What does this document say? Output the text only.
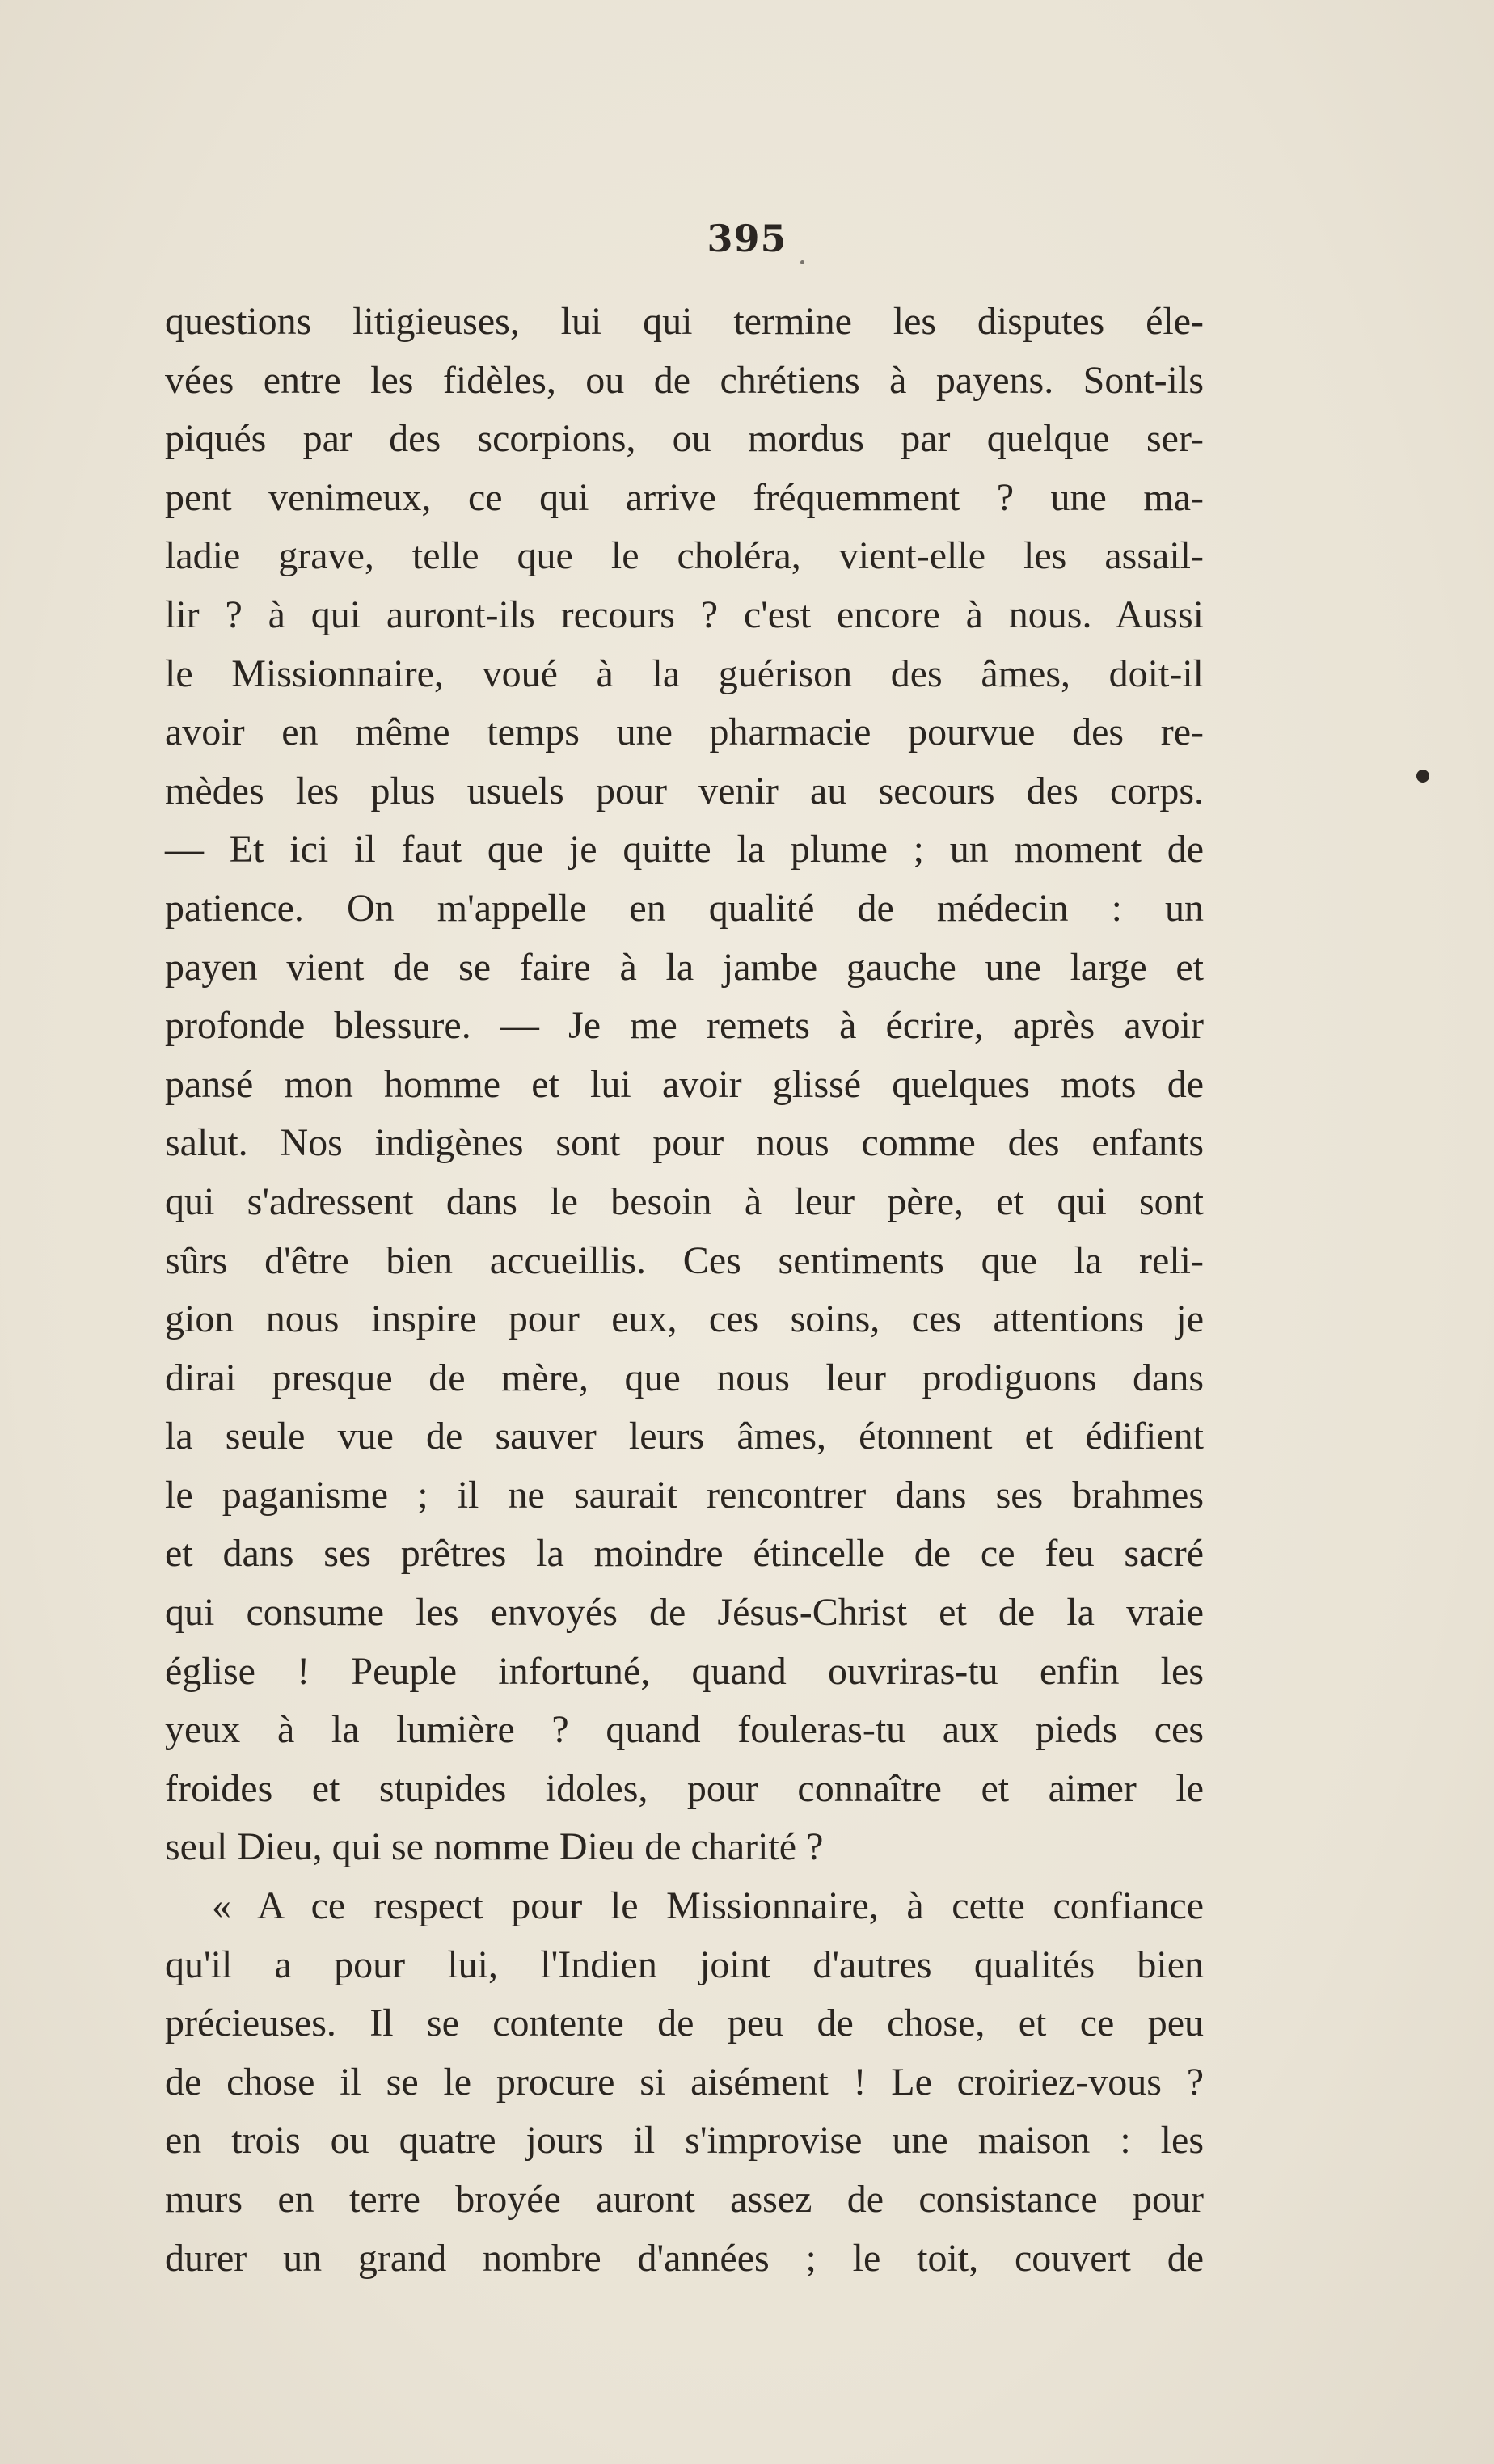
395
questions litigieuses, lui qui termine les disputes éle-
vées entre les fidèles, ou de chrétiens à payens. Sont-ils
piqués par des scorpions, ou mordus par quelque ser-
pent venimeux, ce qui arrive fréquemment ? une ma-
ladie grave, telle que le choléra, vient-elle les assail-
lir ? à qui auront-ils recours ? c'est encore à nous. Aussi
le Missionnaire, voué à la guérison des âmes, doit-il
avoir en même temps une pharmacie pourvue des re-
mèdes les plus usuels pour venir au secours des corps.
— Et ici il faut que je quitte la plume ; un moment de
patience. On m'appelle en qualité de médecin : un
payen vient de se faire à la jambe gauche une large et
profonde blessure. — Je me remets à écrire, après avoir
pansé mon homme et lui avoir glissé quelques mots de
salut. Nos indigènes sont pour nous comme des enfants
qui s'adressent dans le besoin à leur père, et qui sont
sûrs d'être bien accueillis. Ces sentiments que la reli-
gion nous inspire pour eux, ces soins, ces attentions je
dirai presque de mère, que nous leur prodiguons dans
la seule vue de sauver leurs âmes, étonnent et édifient
le paganisme ; il ne saurait rencontrer dans ses brahmes
et dans ses prêtres la moindre étincelle de ce feu sacré
qui consume les envoyés de Jésus-Christ et de la vraie
église ! Peuple infortuné, quand ouvriras-tu enfin les
yeux à la lumière ? quand fouleras-tu aux pieds ces
froides et stupides idoles, pour connaître et aimer le
seul Dieu, qui se nomme Dieu de charité ?
« A ce respect pour le Missionnaire, à cette confiance
qu'il a pour lui, l'Indien joint d'autres qualités bien
précieuses. Il se contente de peu de chose, et ce peu
de chose il se le procure si aisément ! Le croiriez-vous ?
en trois ou quatre jours il s'improvise une maison : les
murs en terre broyée auront assez de consistance pour
durer un grand nombre d'années ; le toit, couvert de
